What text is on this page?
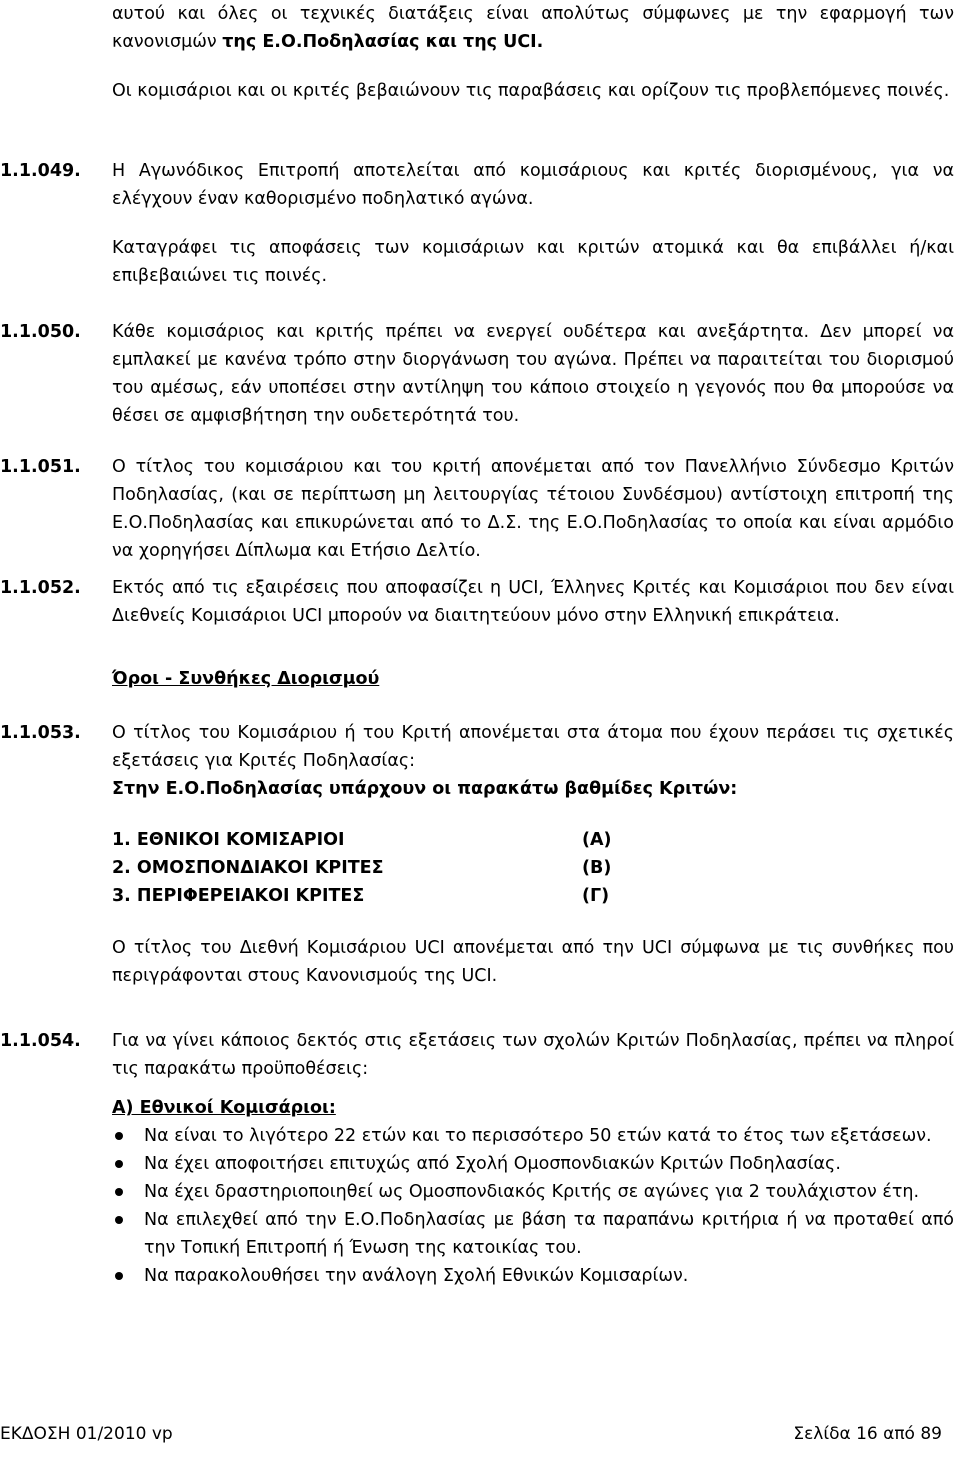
αυτού και όλες οι τεχνικές διατάξεις είναι απολύτως σύμφωνες με την εφαρμογή των κανονισμών της Ε.Ο.Ποδηλασίας και της UCI.

Οι κομισάριοι και οι κριτές βεβαιώνουν τις παραβάσεις και ορίζουν τις προβλεπόμενες ποινές.

1.1.049. Η Αγωνόδικος Επιτροπή αποτελείται από κομισάριους και κριτές διορισμένους, για να ελέγχουν έναν καθορισμένο ποδηλατικό αγώνα.

Καταγράφει τις αποφάσεις των κομισάριων και κριτών ατομικά και θα επιβάλλει ή/και επιβεβαιώνει τις ποινές.

1.1.050. Κάθε κομισάριος και κριτής πρέπει να ενεργεί ουδέτερα και ανεξάρτητα. Δεν μπορεί να εμπλακεί με κανένα τρόπο στην διοργάνωση του αγώνα. Πρέπει να παραιτείται του διορισμού του αμέσως, εάν υποπέσει στην αντίληψη του κάποιο στοιχείο η γεγονός που θα μπορούσε να θέσει σε αμφισβήτηση την ουδετερότητά του.

1.1.051. Ο τίτλος του κομισάριου και του κριτή απονέμεται από τον Πανελλήνιο Σύνδεσμο Κριτών Ποδηλασίας, (και σε περίπτωση μη λειτουργίας τέτοιου Συνδέσμου) αντίστοιχη επιτροπή της Ε.Ο.Ποδηλασίας και επικυρώνεται από το Δ.Σ. της Ε.Ο.Ποδηλασίας το οποία και είναι αρμόδιο να χορηγήσει Δίπλωμα και Ετήσιο Δελτίο.

1.1.052. Εκτός από τις εξαιρέσεις που αποφασίζει η UCI, Έλληνες Κριτές και Κομισάριοι που δεν είναι Διεθνείς Κομισάριοι UCI μπορούν να διαιτητεύουν μόνο στην Ελληνική επικράτεια.

Όροι - Συνθήκες Διορισμού
1.1.053. Ο τίτλος του Κομισάριου ή του Κριτή απονέμεται στα άτομα που έχουν περάσει τις σχετικές εξετάσεις για Κριτές Ποδηλασίας:

Στην Ε.Ο.Ποδηλασίας υπάρχουν οι παρακάτω βαθμίδες Κριτών:

1. ΕΘΝΙΚΟΙ ΚΟΜΙΣΑΡΙΟΙ	(Α)
2. ΟΜΟΣΠΟΝΔΙΑΚΟΙ ΚΡΙΤΕΣ	(Β)
3. ΠΕΡΙΦΕΡΕΙΑΚΟΙ ΚΡΙΤΕΣ	(Γ)

Ο τίτλος του Διεθνή Κομισάριου UCI απονέμεται από την UCI σύμφωνα με τις συνθήκες που περιγράφονται στους Κανονισμούς της UCI.

1.1.054. Για να γίνει κάποιος δεκτός στις εξετάσεις των σχολών Κριτών Ποδηλασίας, πρέπει να πληροί τις παρακάτω προϋποθέσεις:

Α) Εθνικοί Κομισάριοι:
Να είναι το λιγότερο 22 ετών και το περισσότερο 50 ετών κατά το έτος των εξετάσεων.
Να έχει αποφοιτήσει επιτυχώς από Σχολή Ομοσπονδιακών Κριτών Ποδηλασίας.
Να έχει δραστηριοποιηθεί ως Ομοσπονδιακός Κριτής σε αγώνες για 2 τουλάχιστον έτη.
Να επιλεχθεί από την Ε.Ο.Ποδηλασίας με βάση τα παραπάνω κριτήρια ή να προταθεί από την Τοπική Επιτροπή ή Ένωση της κατοικίας του.
Να παρακολουθήσει την ανάλογη Σχολή Εθνικών Κομισαρίων.
ΕΚΔΟΣΗ 01/2010 vp	Σελίδα 16 από 89
